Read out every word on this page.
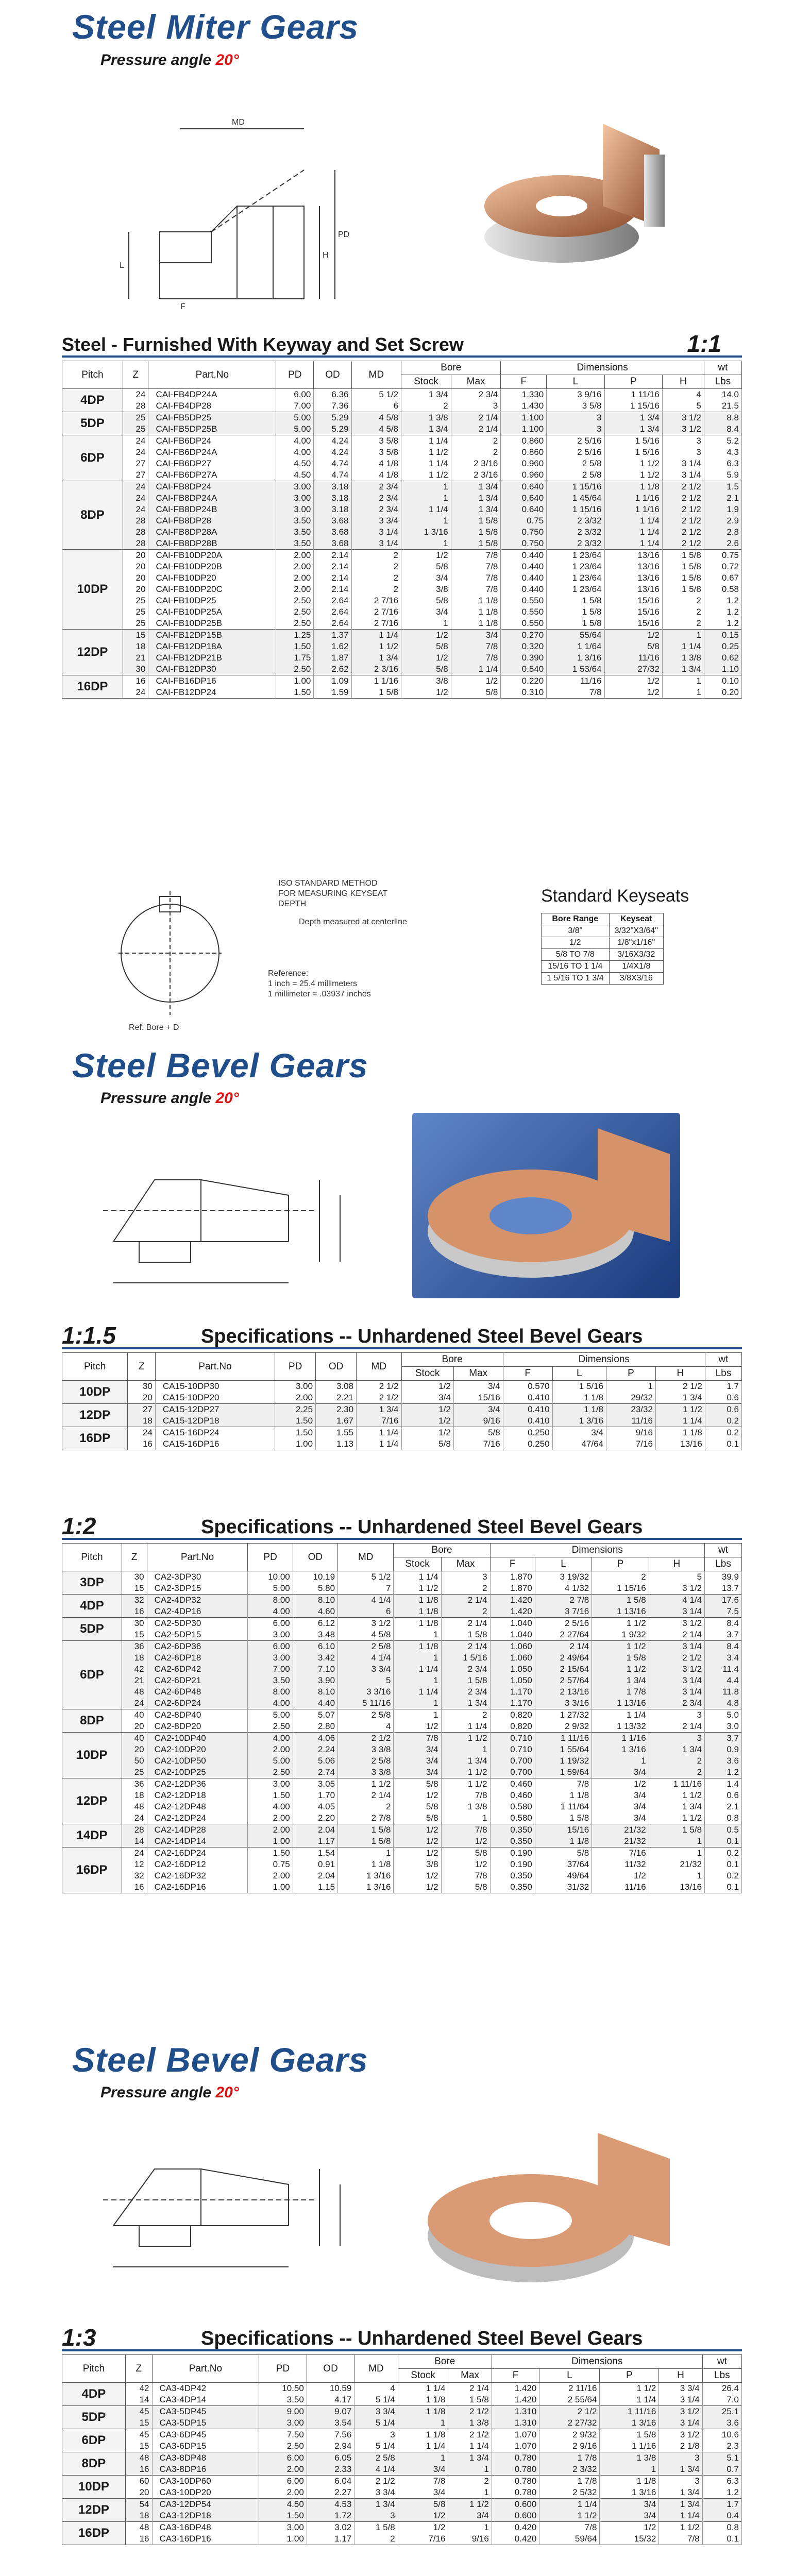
Steel Miter Gears
Pressure angle 20°
MD
H
PD
L
F
Steel - Furnished With Keyway and Set Screw	1:1
Pitch	Z	Part.No	PD	OD	MD	Bore		Dimensions				wt
						Stock	Max	F	L	P	H	Lbs
4DP	24	CAI-FB4DP24A	6.00	6.36	5 1/2	1 3/4	2 3/4	1.330	3 9/16	1 11/16	4	14.0
	28	CAI-FB4DP28	7.00	7.36	6	2	3	1.430	3 5/8	1 15/16	5	21.5
5DP	25	CAI-FB5DP25	5.00	5.29	4 5/8	1 3/8	2 1/4	1.100	3	1 3/4	3 1/2	8.8
	25	CAI-FB5DP25B	5.00	5.29	4 5/8	1 3/4	2 1/4	1.100	3	1 3/4	3 1/2	8.4
6DP	24	CAI-FB6DP24	4.00	4.24	3 5/8	1 1/4	2	0.860	2 5/16	1 5/16	3	5.2
	24	CAI-FB6DP24A	4.00	4.24	3 5/8	1 1/2	2	0.860	2 5/16	1 5/16	3	4.3
	27	CAI-FB6DP27	4.50	4.74	4 1/8	1 1/4	2 3/16	0.960	2 5/8	1 1/2	3 1/4	6.3
	27	CAI-FB6DP27A	4.50	4.74	4 1/8	1 1/2	2 3/16	0.960	2 5/8	1 1/2	3 1/4	5.9
8DP	24	CAI-FB8DP24	3.00	3.18	2 3/4	1	1 3/4	0.640	1 15/16	1 1/8	2 1/2	1.5
	24	CAI-FB8DP24A	3.00	3.18	2 3/4	1	1 3/4	0.640	1 45/64	1 1/16	2 1/2	2.1
	24	CAI-FB8DP24B	3.00	3.18	2 3/4	1 1/4	1 3/4	0.640	1 15/16	1 1/16	2 1/2	1.9
	28	CAI-FB8DP28	3.50	3.68	3 3/4	1	1 5/8	0.75	2 3/32	1 1/4	2 1/2	2.9
	28	CAI-FB8DP28A	3.50	3.68	3 1/4	1 3/16	1 5/8	0.750	2 3/32	1 1/4	2 1/2	2.8
	28	CAI-FB8DP28B	3.50	3.68	3 1/4	1	1 5/8	0.750	2 3/32	1 1/4	2 1/2	2.6
10DP	20	CAI-FB10DP20A	2.00	2.14	2	1/2	7/8	0.440	1 23/64	13/16	1 5/8	0.75
	20	CAI-FB10DP20B	2.00	2.14	2	5/8	7/8	0.440	1 23/64	13/16	1 5/8	0.72
	20	CAI-FB10DP20	2.00	2.14	2	3/4	7/8	0.440	1 23/64	13/16	1 5/8	0.67
	20	CAI-FB10DP20C	2.00	2.14	2	3/8	7/8	0.440	1 23/64	13/16	1 5/8	0.58
	25	CAI-FB10DP25	2.50	2.64	2 7/16	5/8	1 1/8	0.550	1 5/8	15/16	2	1.2
	25	CAI-FB10DP25A	2.50	2.64	2 7/16	3/4	1 1/8	0.550	1 5/8	15/16	2	1.2
	25	CAI-FB10DP25B	2.50	2.64	2 7/16	1	1 1/8	0.550	1 5/8	15/16	2	1.2
12DP	15	CAI-FB12DP15B	1.25	1.37	1 1/4	1/2	3/4	0.270	55/64	1/2	1	0.15
	18	CAI-FB12DP18A	1.50	1.62	1 1/2	5/8	7/8	0.320	1 1/64	5/8	1 1/4	0.25
	21	CAI-FB12DP21B	1.75	1.87	1 3/4	1/2	7/8	0.390	1 3/16	11/16	1 3/8	0.62
	30	CAI-FB12DP30	2.50	2.62	2 3/16	5/8	1 1/4	0.540	1 53/64	27/32	1 3/4	1.10
16DP	16	CAI-FB16DP16	1.00	1.09	1 1/16	3/8	1/2	0.220	11/16	1/2	1	0.10
	24	CAI-FB12DP24	1.50	1.59	1 5/8	1/2	5/8	0.310	7/8	1/2	1	0.20
ISO STANDARD METHOD
FOR MEASURING KEYSEAT
DEPTH
Depth measured at centerline
Reference:
1 inch = 25.4 millimeters
1 millimeter = .03937 inches
Ref: Bore + D
Standard Keyseats
Bore Range	Keyseat
3/8"	3/32"X3/64"
1/2	1/8"x1/16"
5/8 TO 7/8	3/16X3/32
15/16 TO 1 1/4	1/4X1/8
1 5/16 TO 1 3/4	3/8X3/16
Steel Bevel Gears
Pressure angle 20°
1:1.5	Specifications -- Unhardened Steel Bevel Gears
Pitch	Z	Part.No	PD	OD	MD	Bore		Dimensions				wt
						Stock	Max	F	L	P	H	Lbs
10DP	30	CA15-10DP30	3.00	3.08	2 1/2	1/2	3/4	0.570	1 5/16	1	2 1/2	1.7
	20	CA15-10DP20	2.00	2.21	2 1/2	3/4	15/16	0.410	1 1/8	29/32	1 3/4	0.6
12DP	27	CA15-12DP27	2.25	2.30	1 3/4	1/2	3/4	0.410	1 1/8	23/32	1 1/2	0.6
	18	CA15-12DP18	1.50	1.67	7/16	1/2	9/16	0.410	1 3/16	11/16	1 1/4	0.2
16DP	24	CA15-16DP24	1.50	1.55	1 1/4	1/2	5/8	0.250	3/4	9/16	1 1/8	0.2
	16	CA15-16DP16	1.00	1.13	1 1/4	5/8	7/16	0.250	47/64	7/16	13/16	0.1
1:2	Specifications -- Unhardened Steel Bevel Gears
Pitch	Z	Part.No	PD	OD	MD	Bore		Dimensions				wt
						Stock	Max	F	L	P	H	Lbs
3DP	30	CA2-3DP30	10.00	10.19	5 1/2	1 1/4	3	1.870	3 19/32	2	5	39.9
	15	CA2-3DP15	5.00	5.80	7	1 1/2	2	1.870	4 1/32	1 15/16	3 1/2	13.7
4DP	32	CA2-4DP32	8.00	8.10	4 1/4	1 1/8	2 1/4	1.420	2 7/8	1 5/8	4 1/4	17.6
	16	CA2-4DP16	4.00	4.60	6	1 1/8	2	1.420	3 7/16	1 13/16	3 1/4	7.5
5DP	30	CA2-5DP30	6.00	6.12	3 1/2	1 1/8	2 1/4	1.040	2 5/16	1 1/2	3 1/2	8.4
	15	CA2-5DP15	3.00	3.48	4 5/8	1	1 5/8	1.040	2 27/64	1 9/32	2 1/4	3.7
6DP	36	CA2-6DP36	6.00	6.10	2 5/8	1 1/8	2 1/4	1.060	2 1/4	1 1/2	3 1/4	8.4
	18	CA2-6DP18	3.00	3.42	4 1/4	1	1 5/16	1.060	2 49/64	1 5/8	2 1/2	3.4
	42	CA2-6DP42	7.00	7.10	3 3/4	1 1/4	2 3/4	1.050	2 15/64	1 1/2	3 1/2	11.4
	21	CA2-6DP21	3.50	3.90	5	1	1 5/8	1.050	2 57/64	1 3/4	3 1/4	4.4
	48	CA2-6DP48	8.00	8.10	3 3/16	1 1/4	2 3/4	1.170	2 13/16	1 7/8	3 1/4	11.8
	24	CA2-6DP24	4.00	4.40	5 11/16	1	1 3/4	1.170	3 3/16	1 13/16	2 3/4	4.8
8DP	40	CA2-8DP40	5.00	5.07	2 5/8	1	2	0.820	1 27/32	1 1/4	3	5.0
	20	CA2-8DP20	2.50	2.80	4	1/2	1 1/4	0.820	2 9/32	1 13/32	2 1/4	3.0
10DP	40	CA2-10DP40	4.00	4.06	2 1/2	7/8	1 1/2	0.710	1 11/16	1 1/16	3	3.7
	20	CA2-10DP20	2.00	2.24	3 3/8	3/4	1	0.710	1 55/64	1 3/16	1 3/4	0.9
	50	CA2-10DP50	5.00	5.06	2 5/8	3/4	1 3/4	0.700	1 19/32	1	2	3.6
	25	CA2-10DP25	2.50	2.74	3 3/8	3/4	1 1/2	0.700	1 59/64	3/4	2	1.2
12DP	36	CA2-12DP36	3.00	3.05	1 1/2	5/8	1 1/2	0.460	7/8	1/2	1 11/16	1.4
	18	CA2-12DP18	1.50	1.70	2 1/4	1/2	7/8	0.460	1 1/8	3/4	1 1/2	0.6
	48	CA2-12DP48	4.00	4.05	2	5/8	1 3/8	0.580	1 11/64	3/4	1 3/4	2.1
	24	CA2-12DP24	2.00	2.20	2 7/8	5/8	1	0.580	1 5/8	3/4	1 1/2	0.8
14DP	28	CA2-14DP28	2.00	2.04	1 5/8	1/2	7/8	0.350	15/16	21/32	1 5/8	0.5
	14	CA2-14DP14	1.00	1.17	1 5/8	1/2	1/2	0.350	1 1/8	21/32	1	0.1
16DP	24	CA2-16DP24	1.50	1.54	1	1/2	5/8	0.190	5/8	7/16	1	0.2
	12	CA2-16DP12	0.75	0.91	1 1/8	3/8	1/2	0.190	37/64	11/32	21/32	0.1
	32	CA2-16DP32	2.00	2.04	1 3/16	1/2	7/8	0.350	49/64	1/2	1	0.2
	16	CA2-16DP16	1.00	1.15	1 3/16	1/2	5/8	0.350	31/32	11/16	13/16	0.1
Steel Bevel Gears
Pressure angle 20°
1:3	Specifications -- Unhardened Steel Bevel Gears
Pitch	Z	Part.No	PD	OD	MD	Bore		Dimensions				wt
						Stock	Max	F	L	P	H	Lbs
4DP	42	CA3-4DP42	10.50	10.59	4	1 1/4	2 1/4	1.420	2 11/16	1 1/2	3 3/4	26.4
	14	CA3-4DP14	3.50	4.17	5 1/4	1 1/8	1 5/8	1.420	2 55/64	1 1/4	3 1/4	7.0
5DP	45	CA3-5DP45	9.00	9.07	3 3/4	1 1/8	2 1/2	1.310	2 1/2	1 11/16	3 1/2	25.1
	15	CA3-5DP15	3.00	3.54	5 1/4	1	1 3/8	1.310	2 27/32	1 3/16	3 1/4	3.6
6DP	45	CA3-6DP45	7.50	7.56	3	1 1/8	2 1/2	1.070	2 9/32	1 5/8	3 1/2	10.6
	15	CA3-6DP15	2.50	2.94	5 1/4	1 1/4	1 1/4	1.070	2 9/16	1 1/16	2 1/8	2.3
8DP	48	CA3-8DP48	6.00	6.05	2 5/8	1	1 3/4	0.780	1 7/8	1 3/8	3	5.1
	16	CA3-8DP16	2.00	2.33	4 1/4	3/4	1	0.780	2 3/32	1	1 3/4	0.7
10DP	60	CA3-10DP60	6.00	6.04	2 1/2	7/8	2	0.780	1 7/8	1 1/8	3	6.3
	20	CA3-10DP20	2.00	2.27	3 3/4	3/4	1	0.780	2 5/32	1 3/16	1 3/4	1.2
12DP	54	CA3-12DP54	4.50	4.53	1 3/4	5/8	1 1/2	0.600	1 1/4	3/4	1 3/4	1.7
	18	CA3-12DP18	1.50	1.72	3	1/2	3/4	0.600	1 1/2	3/4	1 1/4	0.4
16DP	48	CA3-16DP48	3.00	3.02	1 5/8	1/2	1	0.420	7/8	1/2	1 1/2	0.8
	16	CA3-16DP16	1.00	1.17	2	7/16	9/16	0.420	59/64	15/32	7/8	0.1
